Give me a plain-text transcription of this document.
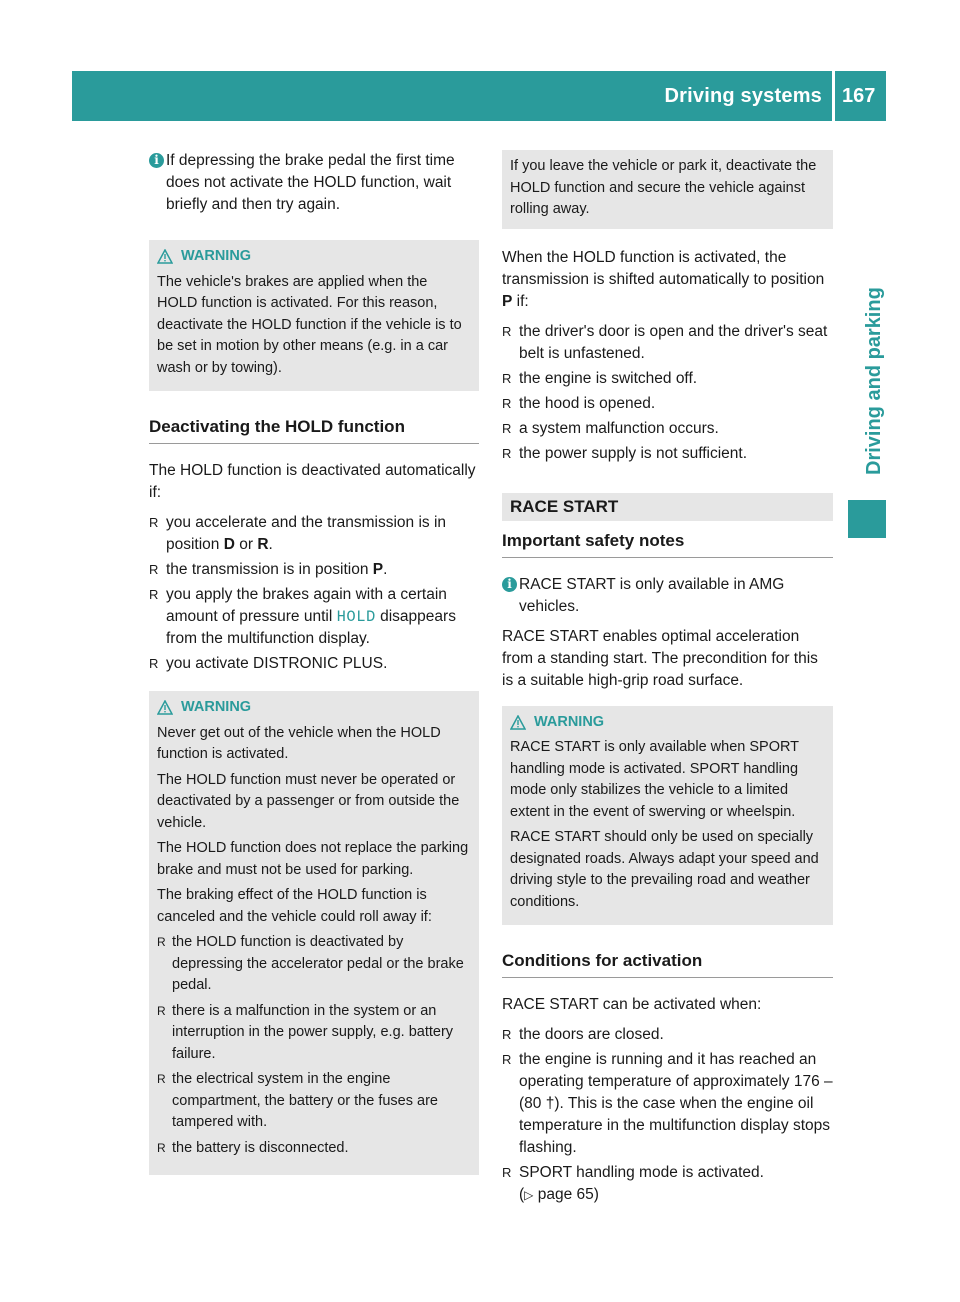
Driving systems 167
Driving and parking
i If depressing the brake pedal the first time does not activate the HOLD function, wait briefly and then try again.
WARNING

The vehicle's brakes are applied when the HOLD function is activated. For this reason, deactivate the HOLD function if the vehicle is to be set in motion by other means (e.g. in a car wash or by towing).

Deactivating the HOLD function

The HOLD function is deactivated automatically if:

R you accelerate and the transmission is in position D or R.
R the transmission is in position P.
R you apply the brakes again with a certain amount of pressure until HOLD disappears from the multifunction display.
R you activate DISTRONIC PLUS.
WARNING

Never get out of the vehicle when the HOLD function is activated.

The HOLD function must never be operated or deactivated by a passenger or from outside the vehicle.

The HOLD function does not replace the parking brake and must not be used for parking.

The braking effect of the HOLD function is canceled and the vehicle could roll away if:

R the HOLD function is deactivated by depressing the accelerator pedal or the brake pedal.
R there is a malfunction in the system or an interruption in the power supply, e.g. battery failure.
R the electrical system in the engine compartment, the battery or the fuses are tampered with.
R the battery is disconnected.
If you leave the vehicle or park it, deactivate the HOLD function and secure the vehicle against rolling away.

When the HOLD function is activated, the transmission is shifted automatically to position P if:

R the driver's door is open and the driver's seat belt is unfastened.
R the engine is switched off.
R the hood is opened.
R a system malfunction occurs.
R the power supply is not sufficient.
RACE START
Important safety notes
i RACE START is only available in AMG vehicles.

RACE START enables optimal acceleration from a standing start. The precondition for this is a suitable high-grip road surface.

WARNING

RACE START is only available when SPORT handling mode is activated. SPORT handling mode only stabilizes the vehicle to a limited extent in the event of swerving or wheelspin.

RACE START should only be used on specially designated roads. Always adapt your speed and driving style to the prevailing road and weather conditions.

Conditions for activation

RACE START can be activated when:

R the doors are closed.
R the engine is running and it has reached an operating temperature of approximately 176 ‒ (80 †). This is the case when the engine oil temperature in the multifunction display stops flashing.
R SPORT handling mode is activated.
(▷ page 65)
